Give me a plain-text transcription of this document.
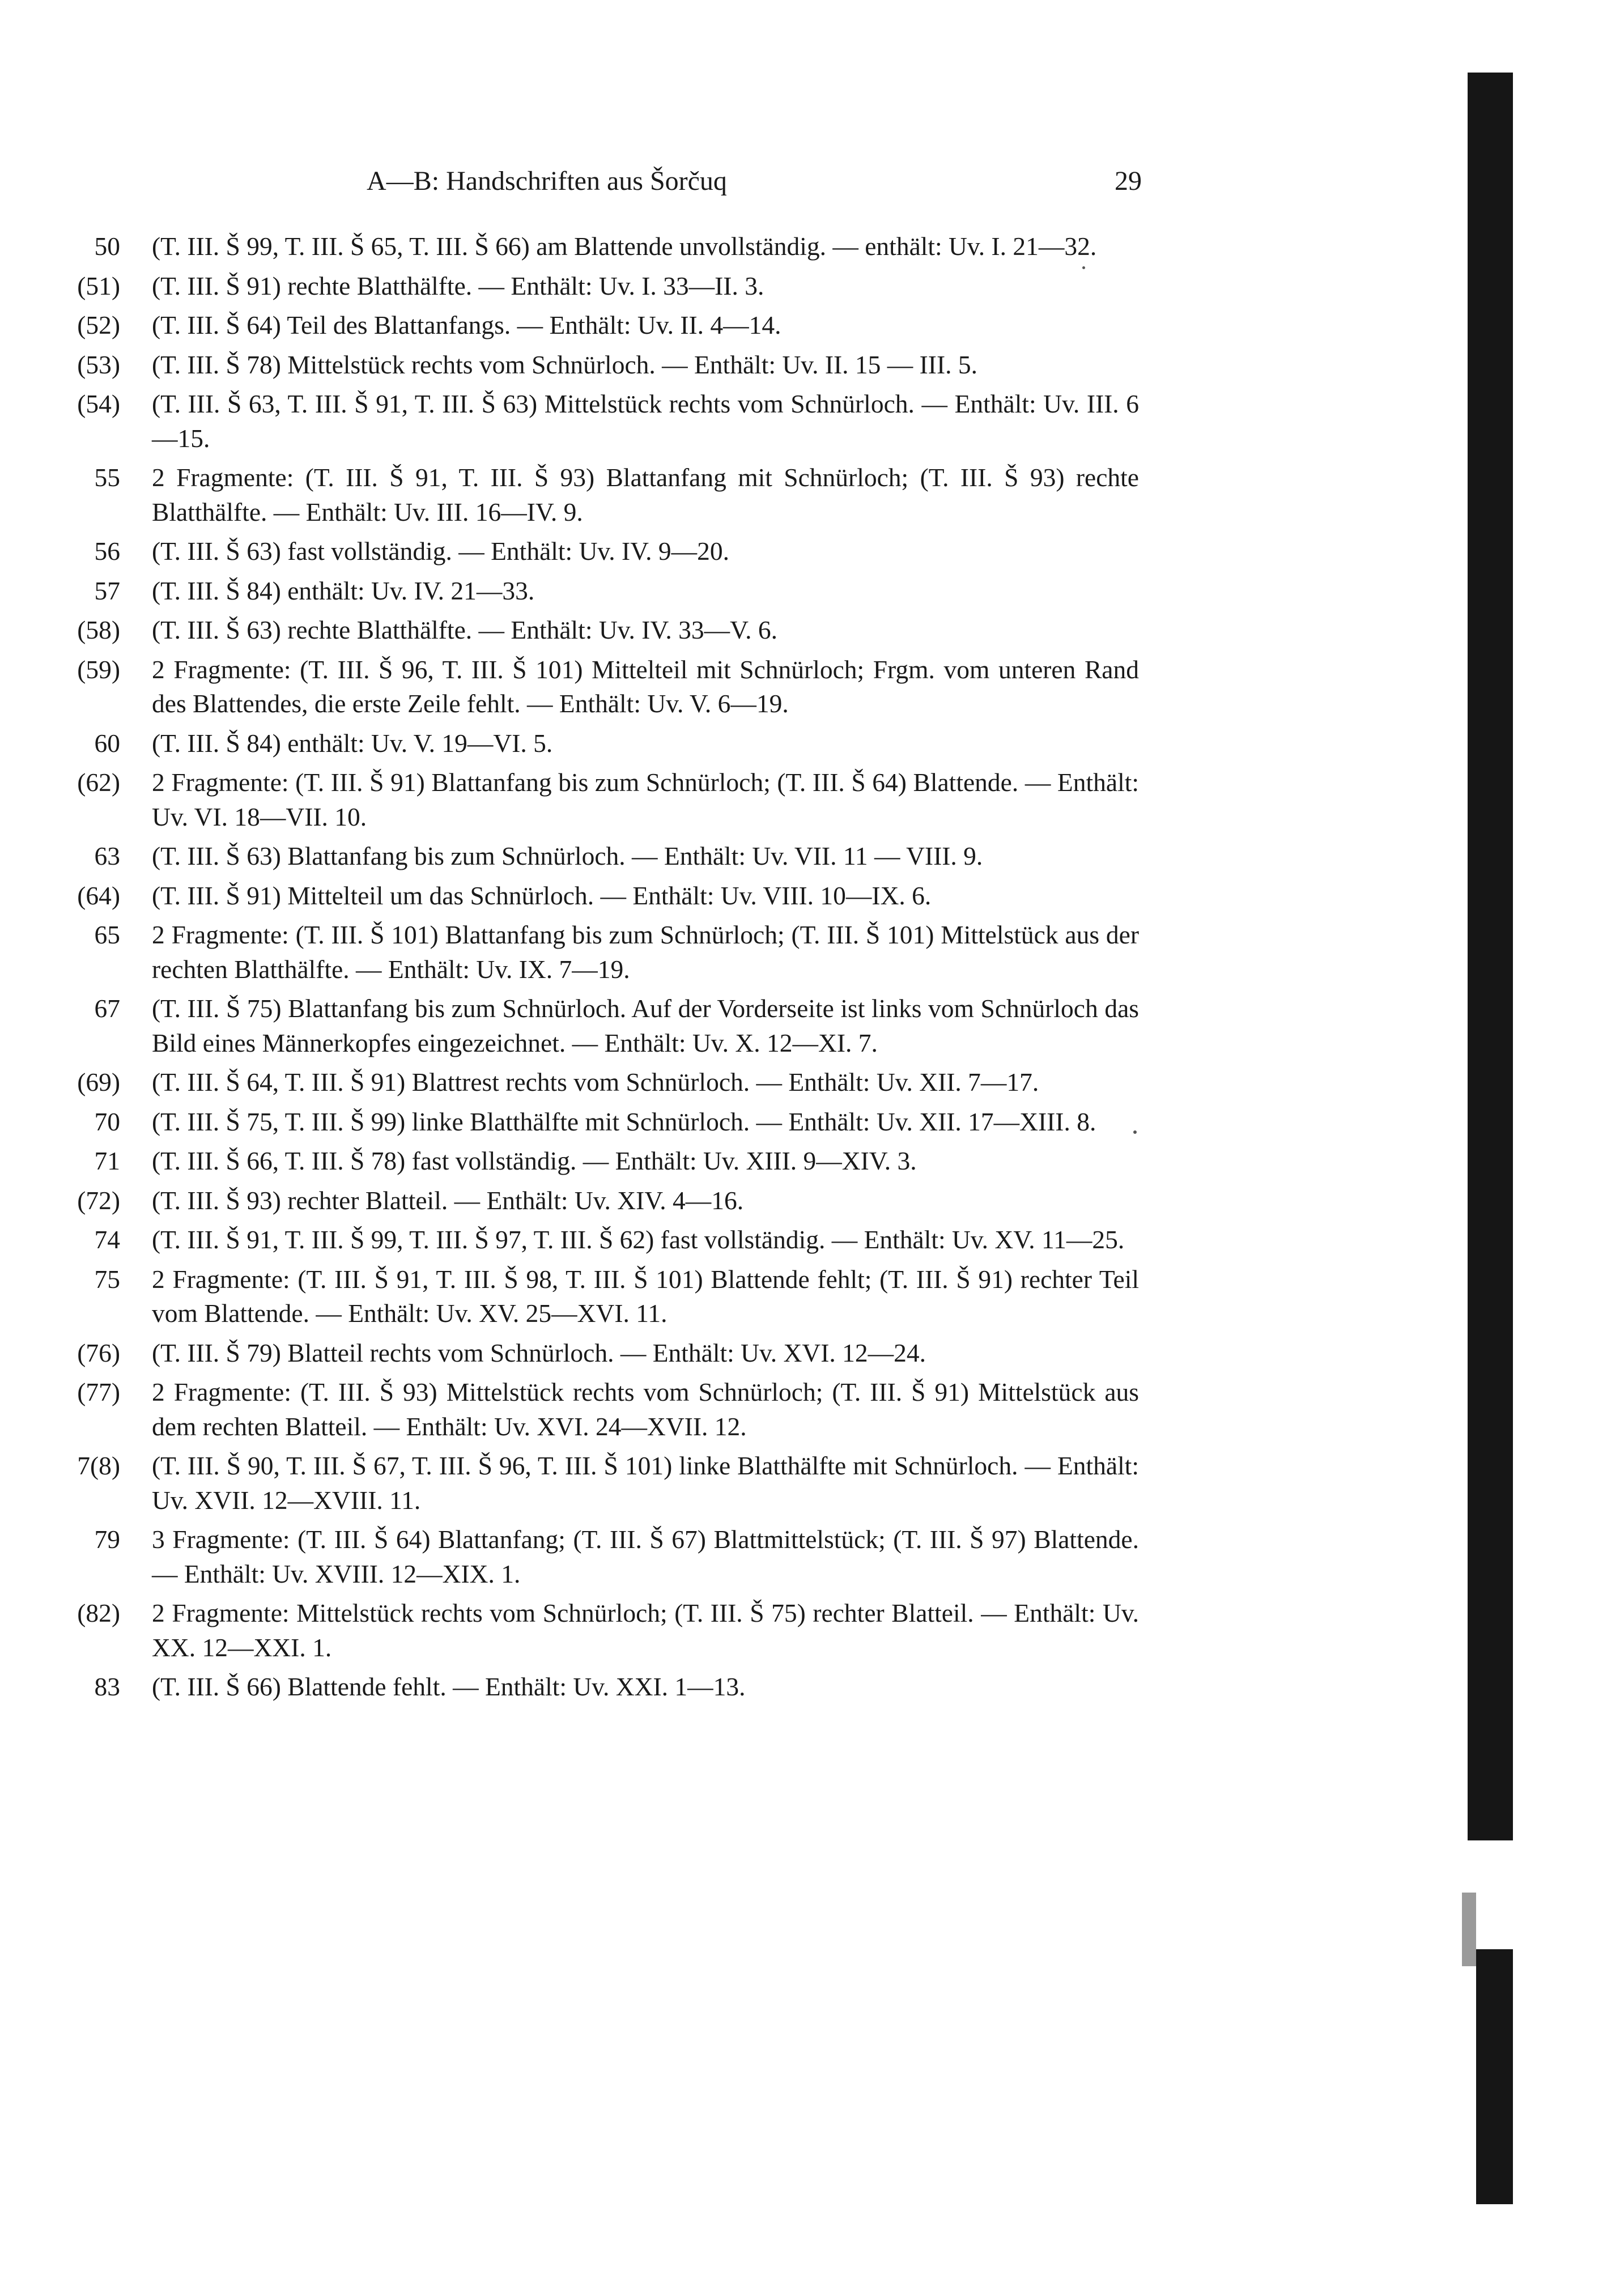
A—B: Handschriften aus Šorčuq	29
50 (T. III. Š 99, T. III. Š 65, T. III. Š 66) am Blattende unvollständig. — enthält: Uv. I. 21—32.
(51) (T. III. Š 91) rechte Blatthälfte. — Enthält: Uv. I. 33—II. 3.
(52) (T. III. Š 64) Teil des Blattanfangs. — Enthält: Uv. II. 4—14.
(53) (T. III. Š 78) Mittelstück rechts vom Schnürloch. — Enthält: Uv. II. 15 — III. 5.
(54) (T. III. Š 63, T. III. Š 91, T. III. Š 63) Mittelstück rechts vom Schnürloch. — Enthält: Uv. III. 6—15.
55 2 Fragmente: (T. III. Š 91, T. III. Š 93) Blattanfang mit Schnürloch; (T. III. Š 93) rechte Blatthälfte. — Enthält: Uv. III. 16—IV. 9.
56 (T. III. Š 63) fast vollständig. — Enthält: Uv. IV. 9—20.
57 (T. III. Š 84) enthält: Uv. IV. 21—33.
(58) (T. III. Š 63) rechte Blatthälfte. — Enthält: Uv. IV. 33—V. 6.
(59) 2 Fragmente: (T. III. Š 96, T. III. Š 101) Mittelteil mit Schnürloch; Frgm. vom unteren Rand des Blattendes, die erste Zeile fehlt. — Enthält: Uv. V. 6—19.
60 (T. III. Š 84) enthält: Uv. V. 19—VI. 5.
(62) 2 Fragmente: (T. III. Š 91) Blattanfang bis zum Schnürloch; (T. III. Š 64) Blattende. — Enthält: Uv. VI. 18—VII. 10.
63 (T. III. Š 63) Blattanfang bis zum Schnürloch. — Enthält: Uv. VII. 11 — VIII. 9.
(64) (T. III. Š 91) Mittelteil um das Schnürloch. — Enthält: Uv. VIII. 10—IX. 6.
65 2 Fragmente: (T. III. Š 101) Blattanfang bis zum Schnürloch; (T. III. Š 101) Mittelstück aus der rechten Blatthälfte. — Enthält: Uv. IX. 7—19.
67 (T. III. Š 75) Blattanfang bis zum Schnürloch. Auf der Vorderseite ist links vom Schnürloch das Bild eines Männerkopfes eingezeichnet. — Enthält: Uv. X. 12—XI. 7.
(69) (T. III. Š 64, T. III. Š 91) Blattrest rechts vom Schnürloch. — Enthält: Uv. XII. 7—17.
70 (T. III. Š 75, T. III. Š 99) linke Blatthälfte mit Schnürloch. — Enthält: Uv. XII. 17—XIII. 8.
71 (T. III. Š 66, T. III. Š 78) fast vollständig. — Enthält: Uv. XIII. 9—XIV. 3.
(72) (T. III. Š 93) rechter Blatteil. — Enthält: Uv. XIV. 4—16.
74 (T. III. Š 91, T. III. Š 99, T. III. Š 97, T. III. Š 62) fast vollständig. — Enthält: Uv. XV. 11—25.
75 2 Fragmente: (T. III. Š 91, T. III. Š 98, T. III. Š 101) Blattende fehlt; (T. III. Š 91) rechter Teil vom Blattende. — Enthält: Uv. XV. 25—XVI. 11.
(76) (T. III. Š 79) Blatteil rechts vom Schnürloch. — Enthält: Uv. XVI. 12—24.
(77) 2 Fragmente: (T. III. Š 93) Mittelstück rechts vom Schnürloch; (T. III. Š 91) Mittelstück aus dem rechten Blatteil. — Enthält: Uv. XVI. 24—XVII. 12.
7(8) (T. III. Š 90, T. III. Š 67, T. III. Š 96, T. III. Š 101) linke Blatthälfte mit Schnürloch. — Enthält: Uv. XVII. 12—XVIII. 11.
79 3 Fragmente: (T. III. Š 64) Blattanfang; (T. III. Š 67) Blattmittelstück; (T. III. Š 97) Blattende. — Enthält: Uv. XVIII. 12—XIX. 1.
(82) 2 Fragmente: Mittelstück rechts vom Schnürloch; (T. III. Š 75) rechter Blatteil. — Enthält: Uv. XX. 12—XXI. 1.
83 (T. III. Š 66) Blattende fehlt. — Enthält: Uv. XXI. 1—13.
